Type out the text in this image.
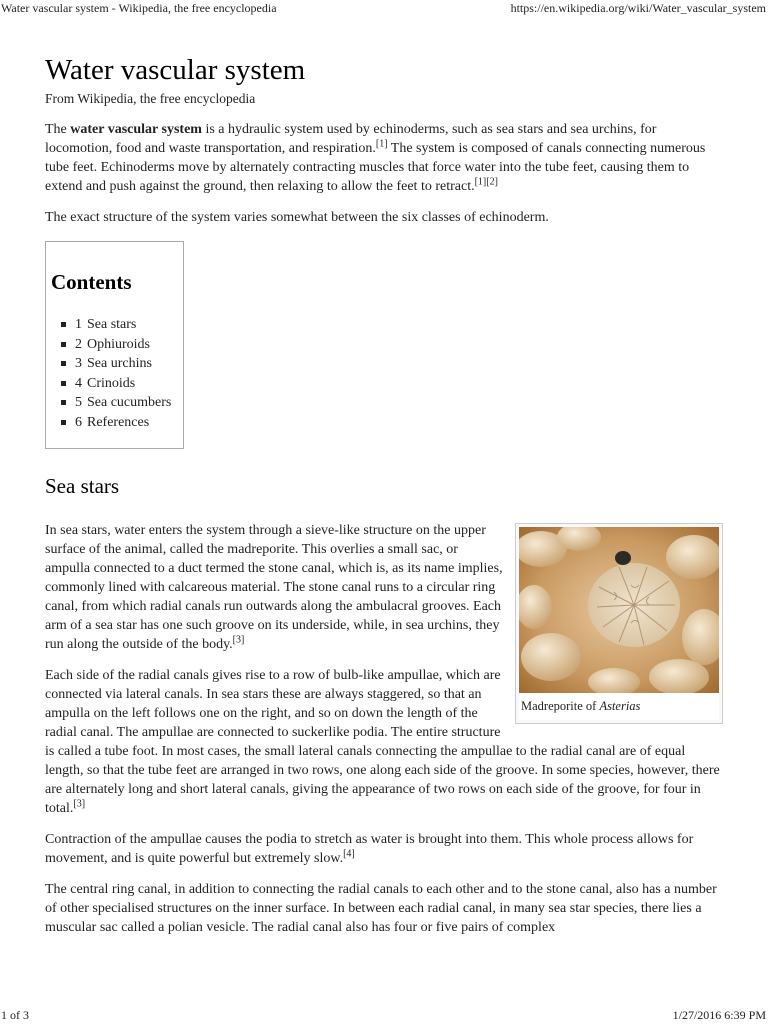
Water vascular system - Wikipedia, the free encyclopedia	https://en.wikipedia.org/wiki/Water_vascular_system
Water vascular system
From Wikipedia, the free encyclopedia

The water vascular system is a hydraulic system used by echinoderms, such as sea stars and sea urchins, for locomotion, food and waste transportation, and respiration.[1] The system is composed of canals connecting numerous tube feet. Echinoderms move by alternately contracting muscles that force water into the tube feet, causing them to extend and push against the ground, then relaxing to allow the feet to retract.[1][2]

The exact structure of the system varies somewhat between the six classes of echinoderm.

Contents
1 Sea stars
2 Ophiuroids
3 Sea urchins
4 Crinoids
5 Sea cucumbers
6 References
Sea stars
Madreporite of Asterias

In sea stars, water enters the system through a sieve-like structure on the upper surface of the animal, called the madreporite. This overlies a small sac, or ampulla connected to a duct termed the stone canal, which is, as its name implies, commonly lined with calcareous material. The stone canal runs to a circular ring canal, from which radial canals run outwards along the ambulacral grooves. Each arm of a sea star has one such groove on its underside, while, in sea urchins, they run along the outside of the body.[3]

Each side of the radial canals gives rise to a row of bulb-like ampullae, which are connected via lateral canals. In sea stars these are always staggered, so that an ampulla on the left follows one on the right, and so on down the length of the radial canal. The ampullae are connected to suckerlike podia. The entire structure is called a tube foot. In most cases, the small lateral canals connecting the ampullae to the radial canal are of equal length, so that the tube feet are arranged in two rows, one along each side of the groove. In some species, however, there are alternately long and short lateral canals, giving the appearance of two rows on each side of the groove, for four in total.[3]

Contraction of the ampullae causes the podia to stretch as water is brought into them. This whole process allows for movement, and is quite powerful but extremely slow.[4]

The central ring canal, in addition to connecting the radial canals to each other and to the stone canal, also has a number of other specialised structures on the inner surface. In between each radial canal, in many sea star species, there lies a muscular sac called a polian vesicle. The radial canal also has four or five pairs of complex

1 of 3	1/27/2016 6:39 PM
